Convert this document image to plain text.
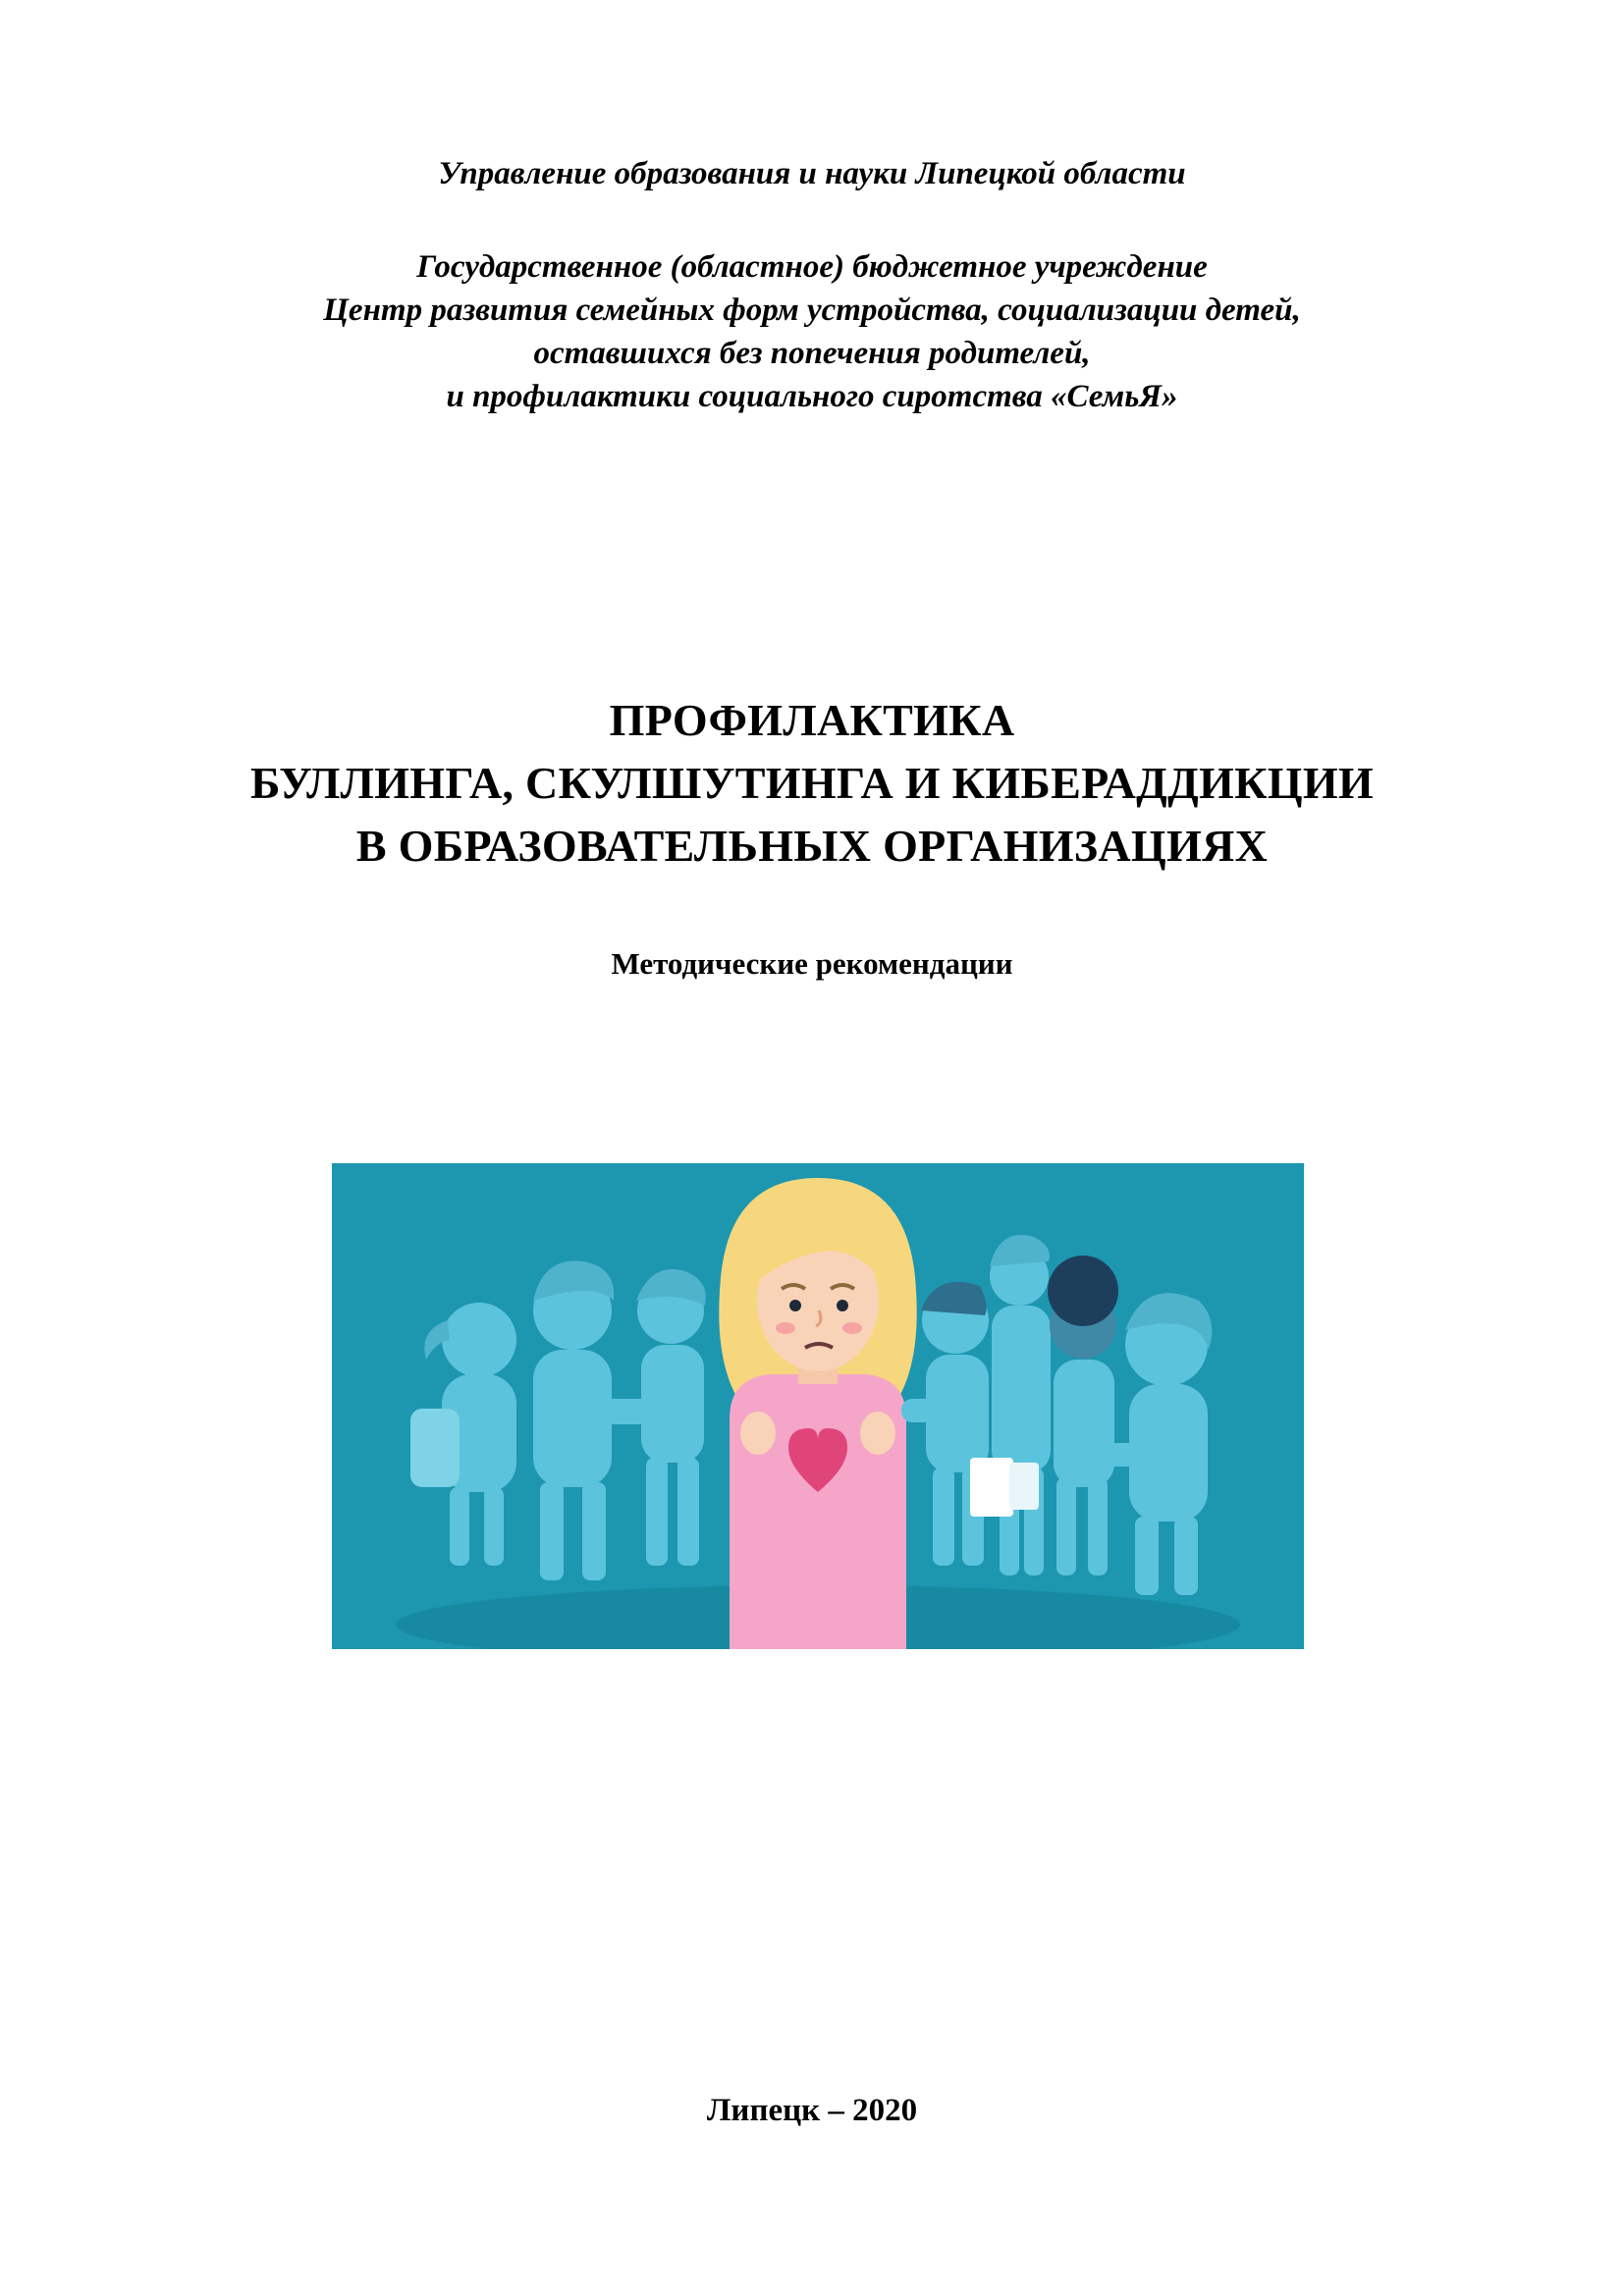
Управление образования и науки Липецкой области
Государственное (областное) бюджетное учреждение
Центр развития семейных форм устройства, социализации детей,
оставшихся без попечения родителей,
и профилактики социального сиротства «СемьЯ»
ПРОФИЛАКТИКА
БУЛЛИНГА, СКУЛШУТИНГА И КИБЕРАДДИКЦИИ
В ОБРАЗОВАТЕЛЬНЫХ ОРГАНИЗАЦИЯХ
Методические рекомендации
Липецк – 2020
